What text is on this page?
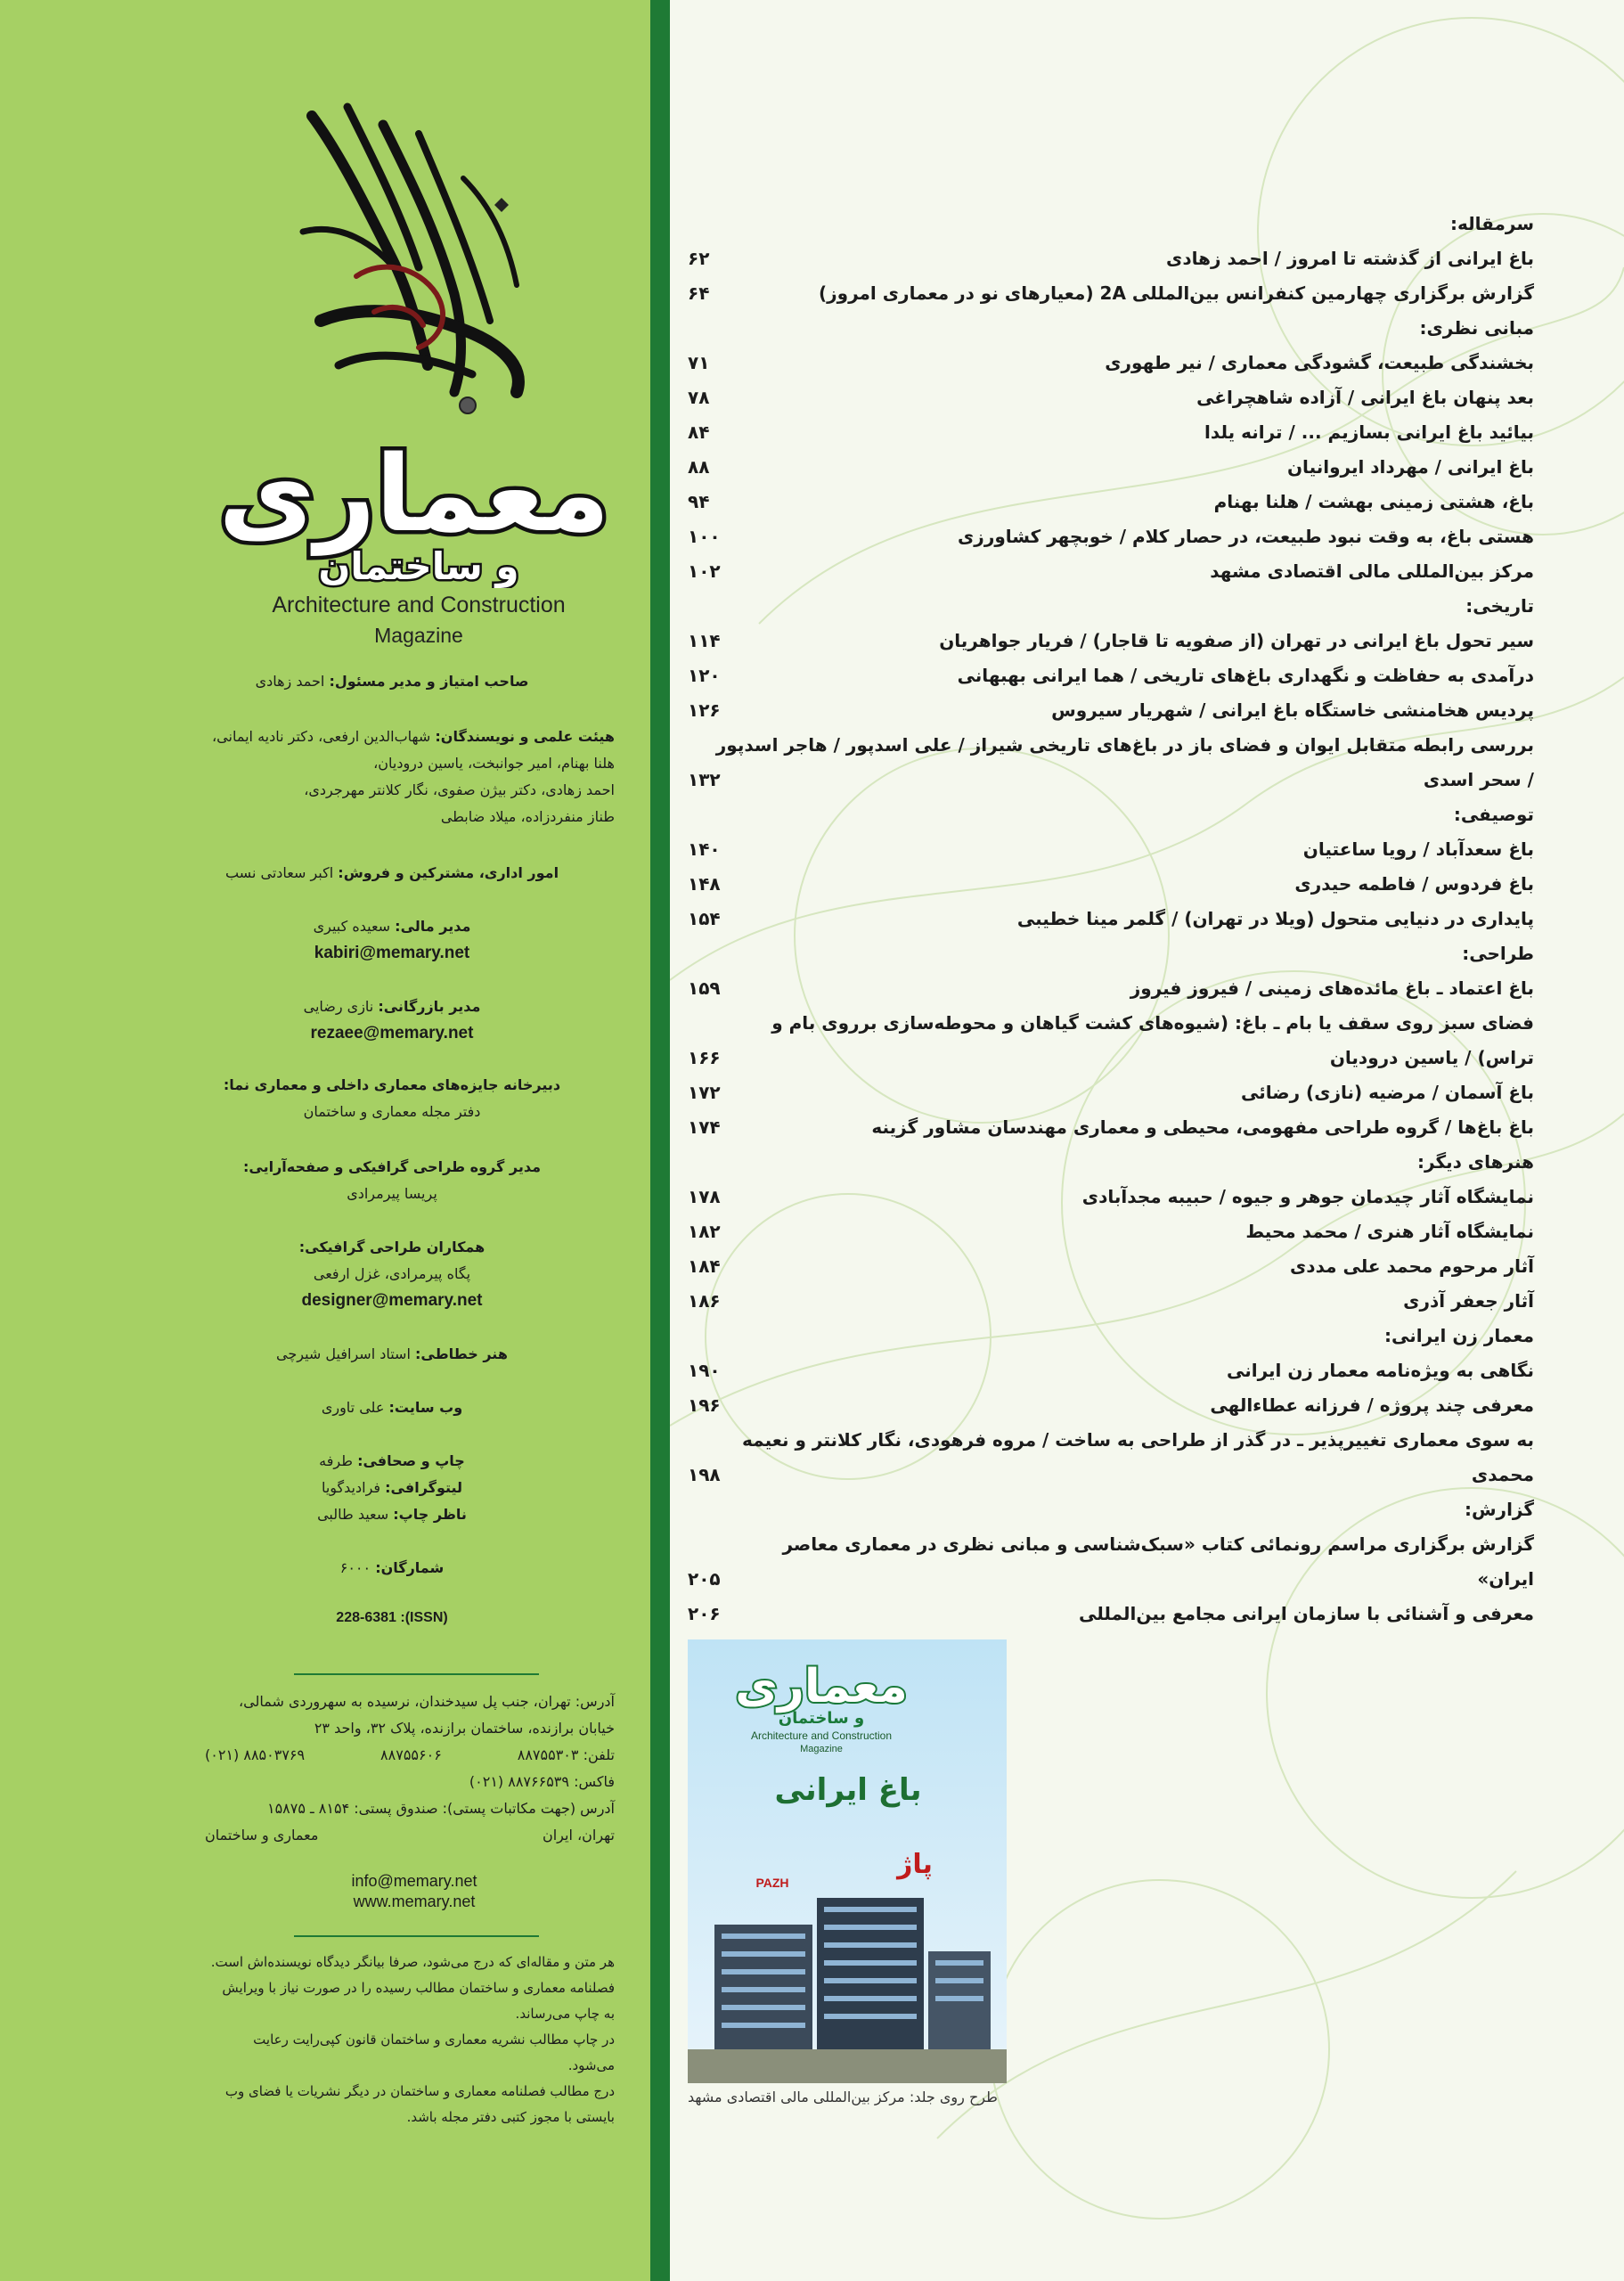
معماری
و ساختمان
Architecture and Construction
Magazine
صاحب امتیاز و مدیر مسئول: احمد زهادی
هیئت علمی و نویسندگان: شهاب‌الدین ارفعی، دکتر نادیه ایمانی،
هلنا بهنام، امیر جوانبخت، یاسین درودیان،
احمد زهادی، دکتر بیژن صفوی، نگار کلانتر مهرجردی،
طناز منفردزاده، میلاد ضابطی
امور اداری، مشترکین و فروش: اکبر سعادتی نسب
مدیر مالی: سعیده کبیری
kabiri@memary.net
مدیر بازرگانی: نازی رضایی
rezaee@memary.net
دبیرخانه جایزه‌های معماری داخلی و معماری نما:
دفتر مجله معماری و ساختمان
مدیر گروه طراحی گرافیکی و صفحه‌آرایی:
پریسا پیرمرادی
همکاران طراحی گرافیکی:
پگاه پیرمرادی، غزل ارفعی
designer@memary.net
هنر خطاطی: استاد اسرافیل شیرچی
وب سایت: علی تاوری
چاپ و صحافی: طرفه
لیتوگرافی: فرادیدگویا
ناظر چاپ: سعید طالبی
شمارگان: ۶۰۰۰
(ISSN): 228-6381
آدرس: تهران، جنب پل سیدخندان، نرسیده به سهروردی شمالی،
خیابان برازنده، ساختمان برازنده، پلاک ۳۲، واحد ۲۳
تلفن: ۸۸۷۵۵۳۰۳
۸۸۷۵۵۶۰۶
۸۸۵۰۳۷۶۹ (۰۲۱)
فاکس: ۸۸۷۶۶۵۳۹ (۰۲۱)
آدرس (جهت مکاتبات پستی): صندوق پستی: ۸۱۵۴ ـ ۱۵۸۷۵
تهران، ایران
معماری و ساختمان
info@memary.net
www.memary.net
هر متن و مقاله‌ای که درج می‌شود، صرفا بیانگر دیدگاه نویسنده‌اش است.
فصلنامه معماری و ساختمان مطالب رسیده را در صورت نیاز با ویرایش
به چاپ می‌رساند.
در چاپ مطالب نشریه معماری و ساختمان قانون کپی‌رایت رعایت می‌شود.
درج مطالب فصلنامه معماری و ساختمان در دیگر نشریات یا فضای وب
بایستی با مجوز کتبی دفتر مجله باشد.
سرمقاله:
باغ ایرانی از گذشته تا امروز / احمد زهادی
۶۲
گزارش برگزاری چهارمین کنفرانس بین‌المللی 2A (معیارهای نو در معماری امروز)
۶۴
مبانی نظری:
بخشندگی طبیعت، گشودگی معماری / نیر طهوری
۷۱
بعد پنهان باغ ایرانی / آزاده شاهچراغی
۷۸
بیائید باغ ایرانی بسازیم ... / ترانه یلدا
۸۴
باغ ایرانی / مهرداد ایروانیان
۸۸
باغ، هشتی زمینی بهشت / هلنا بهنام
۹۴
هستی باغ، به وقت نبود طبیعت، در حصار کلام / خوبچهر کشاورزی
۱۰۰
مرکز بین‌المللی مالی اقتصادی مشهد
۱۰۲
تاریخی:
سیر تحول باغ ایرانی در تهران (از صفویه تا قاجار) / فریار جواهریان
۱۱۴
درآمدی به حفاظت و نگهداری باغ‌های تاریخی / هما ایرانی بهبهانی
۱۲۰
پردیس هخامنشی خاستگاه باغ ایرانی / شهریار سیروس
۱۲۶
بررسی رابطه متقابل ایوان و فضای باز در باغ‌های تاریخی شیراز / علی اسدپور / هاجر اسدپور
/ سحر اسدی
۱۳۲
توصیفی:
باغ سعدآباد / رویا ساعتیان
۱۴۰
باغ فردوس / فاطمه حیدری
۱۴۸
پایداری در دنیایی متحول (ویلا در تهران) / گلمر مینا خطیبی
۱۵۴
طراحی:
باغ اعتماد ـ باغ مائده‌های زمینی / فیروز فیروز
۱۵۹
فضای سبز روی سقف یا بام ـ باغ: (شیوه‌های کشت گیاهان و محوطه‌سازی برروی بام و
تراس) / یاسین درودیان
۱۶۶
باغ آسمان / مرضیه (نازی) رضائی
۱۷۲
باغ باغ‌ها / گروه طراحی مفهومی، محیطی و معماری مهندسان مشاور گزینه
۱۷۴
هنرهای دیگر:
نمایشگاه آثار چیدمان جوهر و جیوه / حبیبه مجدآبادی
۱۷۸
نمایشگاه آثار هنری / محمد محیط
۱۸۲
آثار مرحوم محمد علی مددی
۱۸۴
آثار جعفر آذری
۱۸۶
معمار زن ایرانی:
نگاهی به ویژه‌نامه معمار زن ایرانی
۱۹۰
معرفی چند پروژه / فرزانه عطاءالهی
۱۹۶
به سوی معماری تغییرپذیر ـ در گذر از طراحی به ساخت / مروه فرهودی، نگار کلانتر و نعیمه
محمدی
۱۹۸
گزارش:
گزارش برگزاری مراسم رونمائی کتاب «سبک‌شناسی و مبانی نظری در معماری معاصر
ایران»
۲۰۵
معرفی و آشنائی با سازمان ایرانی مجامع بین‌المللی
۲۰۶
معماری
و ساختمان
Architecture and Construction
Magazine
باغ ایرانی
پاژ
PAZH
طرح روی جلد: مرکز بین‌المللی مالی اقتصادی مشهد
